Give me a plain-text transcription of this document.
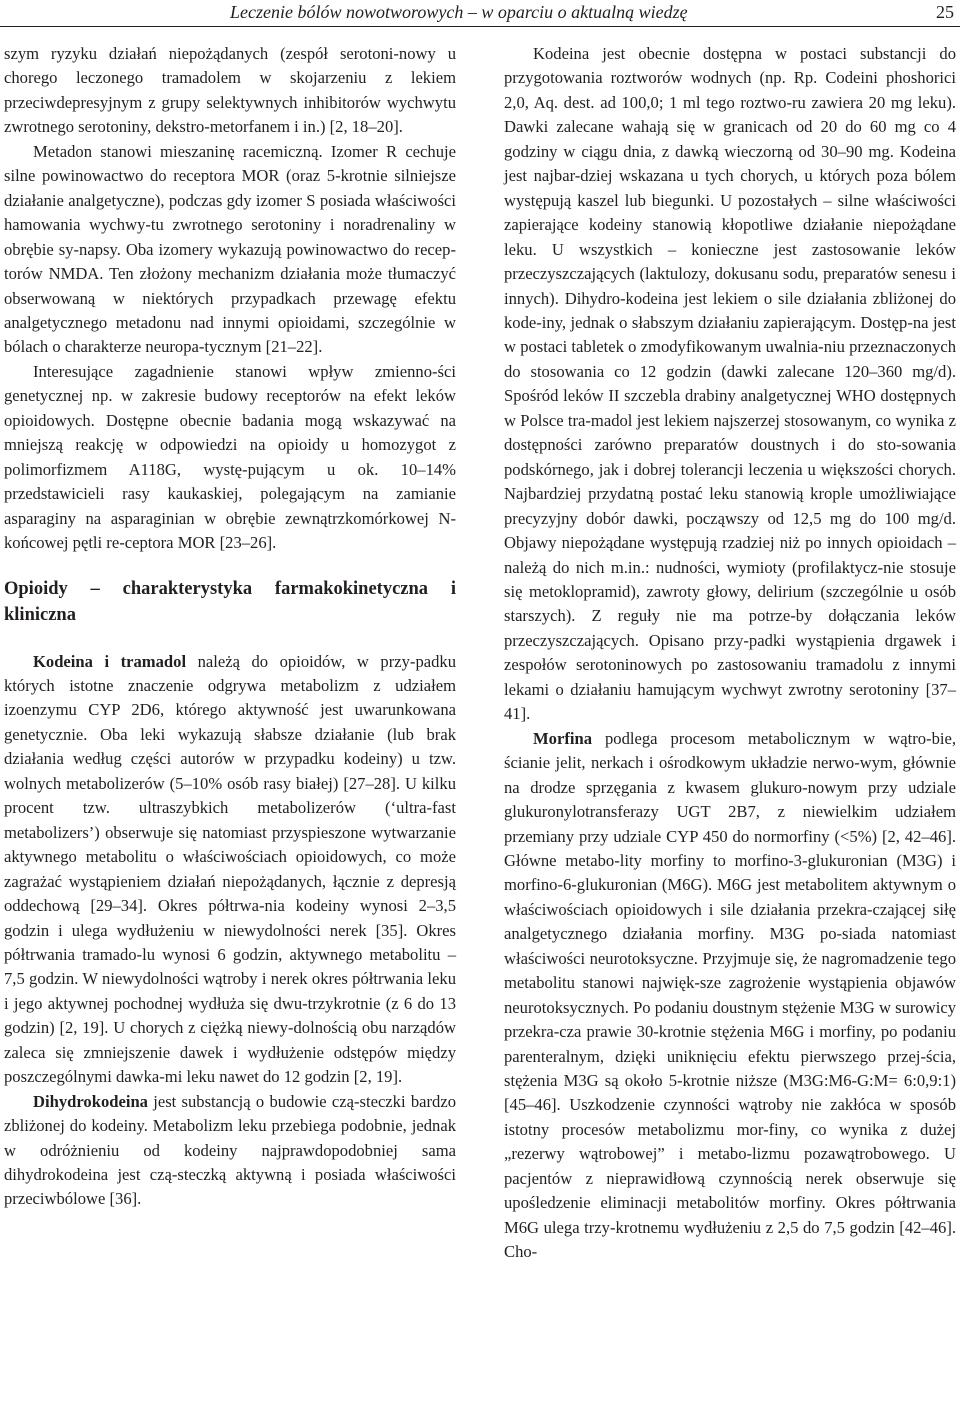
Leczenie bólów nowotworowych – w oparciu o aktualną wiedzę	25

szym ryzyku działań niepożądanych (zespół serotoni-nowy u chorego leczonego tramadolem w skojarzeniu z lekiem przeciwdepresyjnym z grupy selektywnych inhibitorów wychwytu zwrotnego serotoniny, dekstro-metorfanem i in.) [2, 18–20].

Metadon stanowi mieszaninę racemiczną. Izomer R cechuje silne powinowactwo do receptora MOR (oraz 5-krotnie silniejsze działanie analgetyczne), podczas gdy izomer S posiada właściwości hamowania wychwy-tu zwrotnego serotoniny i noradrenaliny w obrębie sy-napsy. Oba izomery wykazują powinowactwo do recep-torów NMDA. Ten złożony mechanizm działania może tłumaczyć obserwowaną w niektórych przypadkach przewagę efektu analgetycznego metadonu nad innymi opioidami, szczególnie w bólach o charakterze neuropa-tycznym [21–22].

Interesujące zagadnienie stanowi wpływ zmienno-ści genetycznej np. w zakresie budowy receptorów na efekt leków opioidowych. Dostępne obecnie badania mogą wskazywać na mniejszą reakcję w odpowiedzi na opioidy u homozygot z polimorfizmem A118G, wystę-pującym u ok. 10–14% przedstawicieli rasy kaukaskiej, polegającym na zamianie asparaginy na asparaginian w obrębie zewnątrzkomórkowej N-końcowej pętli re-ceptora MOR [23–26].

Opioidy – charakterystyka farmakokinetyczna i kliniczna

Kodeina i tramadol należą do opioidów, w przy-padku których istotne znaczenie odgrywa metabolizm z udziałem izoenzymu CYP 2D6, którego aktywność jest uwarunkowana genetycznie. Oba leki wykazują słabsze działanie (lub brak działania według części autorów w przypadku kodeiny) u tzw. wolnych metabolizerów (5–10% osób rasy białej) [27–28]. U kilku procent tzw. ultraszybkich metabolizerów (‘ultra-fast metabolizers’) obserwuje się natomiast przyspieszone wytwarzanie aktywnego metabolitu o właściwościach opioidowych, co może zagrażać wystąpieniem działań niepożądanych, łącznie z depresją oddechową [29–34]. Okres półtrwa-nia kodeiny wynosi 2–3,5 godzin i ulega wydłużeniu w niewydolności nerek [35]. Okres półtrwania tramado-lu wynosi 6 godzin, aktywnego metabolitu – 7,5 godzin. W niewydolności wątroby i nerek okres półtrwania leku i jego aktywnej pochodnej wydłuża się dwu-trzykrotnie (z 6 do 13 godzin) [2, 19]. U chorych z ciężką niewy-dolnością obu narządów zaleca się zmniejszenie dawek i wydłużenie odstępów między poszczególnymi dawka-mi leku nawet do 12 godzin [2, 19].

Dihydrokodeina jest substancją o budowie czą-steczki bardzo zbliżonej do kodeiny. Metabolizm leku przebiega podobnie, jednak w odróżnieniu od kodeiny najprawdopodobniej sama dihydrokodeina jest czą-steczką aktywną i posiada właściwości przeciwbólowe [36].

Kodeina jest obecnie dostępna w postaci substancji do przygotowania roztworów wodnych (np. Rp. Codeini phoshorici 2,0, Aq. dest. ad 100,0; 1 ml tego roztwo-ru zawiera 20 mg leku). Dawki zalecane wahają się w granicach od 20 do 60 mg co 4 godziny w ciągu dnia, z dawką wieczorną od 30–90 mg. Kodeina jest najbar-dziej wskazana u tych chorych, u których poza bólem występują kaszel lub biegunki. U pozostałych – silne właściwości zapierające kodeiny stanowią kłopotliwe działanie niepożądane leku. U wszystkich – konieczne jest zastosowanie leków przeczyszczających (laktulozy, dokusanu sodu, preparatów senesu i innych). Dihydro-kodeina jest lekiem o sile działania zbliżonej do kode-iny, jednak o słabszym działaniu zapierającym. Dostęp-na jest w postaci tabletek o zmodyfikowanym uwalnia-niu przeznaczonych do stosowania co 12 godzin (dawki zalecane 120–360 mg/d). Spośród leków II szczebla drabiny analgetycznej WHO dostępnych w Polsce tra-madol jest lekiem najszerzej stosowanym, co wynika z dostępności zarówno preparatów doustnych i do sto-sowania podskórnego, jak i dobrej tolerancji leczenia u większości chorych. Najbardziej przydatną postać leku stanowią krople umożliwiające precyzyjny dobór dawki, począwszy od 12,5 mg do 100 mg/d. Objawy niepożądane występują rzadziej niż po innych opioidach – należą do nich m.in.: nudności, wymioty (profilaktycz-nie stosuje się metoklopramid), zawroty głowy, delirium (szczególnie u osób starszych). Z reguły nie ma potrze-by dołączania leków przeczyszczających. Opisano przy-padki wystąpienia drgawek i zespołów serotoninowych po zastosowaniu tramadolu z innymi lekami o działaniu hamującym wychwyt zwrotny serotoniny [37–41].

Morfina podlega procesom metabolicznym w wątro-bie, ścianie jelit, nerkach i ośrodkowym układzie nerwo-wym, głównie na drodze sprzęgania z kwasem glukuro-nowym przy udziale glukuronylotransferazy UGT 2B7, z niewielkim udziałem przemiany przy udziale CYP 450 do normorfiny (<5%) [2, 42–46]. Główne metabo-lity morfiny to morfino-3-glukuronian (M3G) i morfino-6-glukuronian (M6G). M6G jest metabolitem aktywnym o właściwościach opioidowych i sile działania przekra-czającej siłę analgetycznego działania morfiny. M3G po-siada natomiast właściwości neurotoksyczne. Przyjmuje się, że nagromadzenie tego metabolitu stanowi najwięk-sze zagrożenie wystąpienia objawów neurotoksycznych. Po podaniu doustnym stężenie M3G w surowicy przekra-cza prawie 30-krotnie stężenia M6G i morfiny, po podaniu parenteralnym, dzięki uniknięciu efektu pierwszego przej-ścia, stężenia M3G są około 5-krotnie niższe (M3G:M6-G:M= 6:0,9:1) [45–46]. Uszkodzenie czynności wątroby nie zakłóca w sposób istotny procesów metabolizmu mor-finy, co wynika z dużej „rezerwy wątrobowej” i metabo-lizmu pozawątrobowego. U pacjentów z nieprawidłową czynnością nerek obserwuje się upośledzenie eliminacji metabolitów morfiny. Okres półtrwania M6G ulega trzy-krotnemu wydłużeniu z 2,5 do 7,5 godzin [42–46]. Cho-
